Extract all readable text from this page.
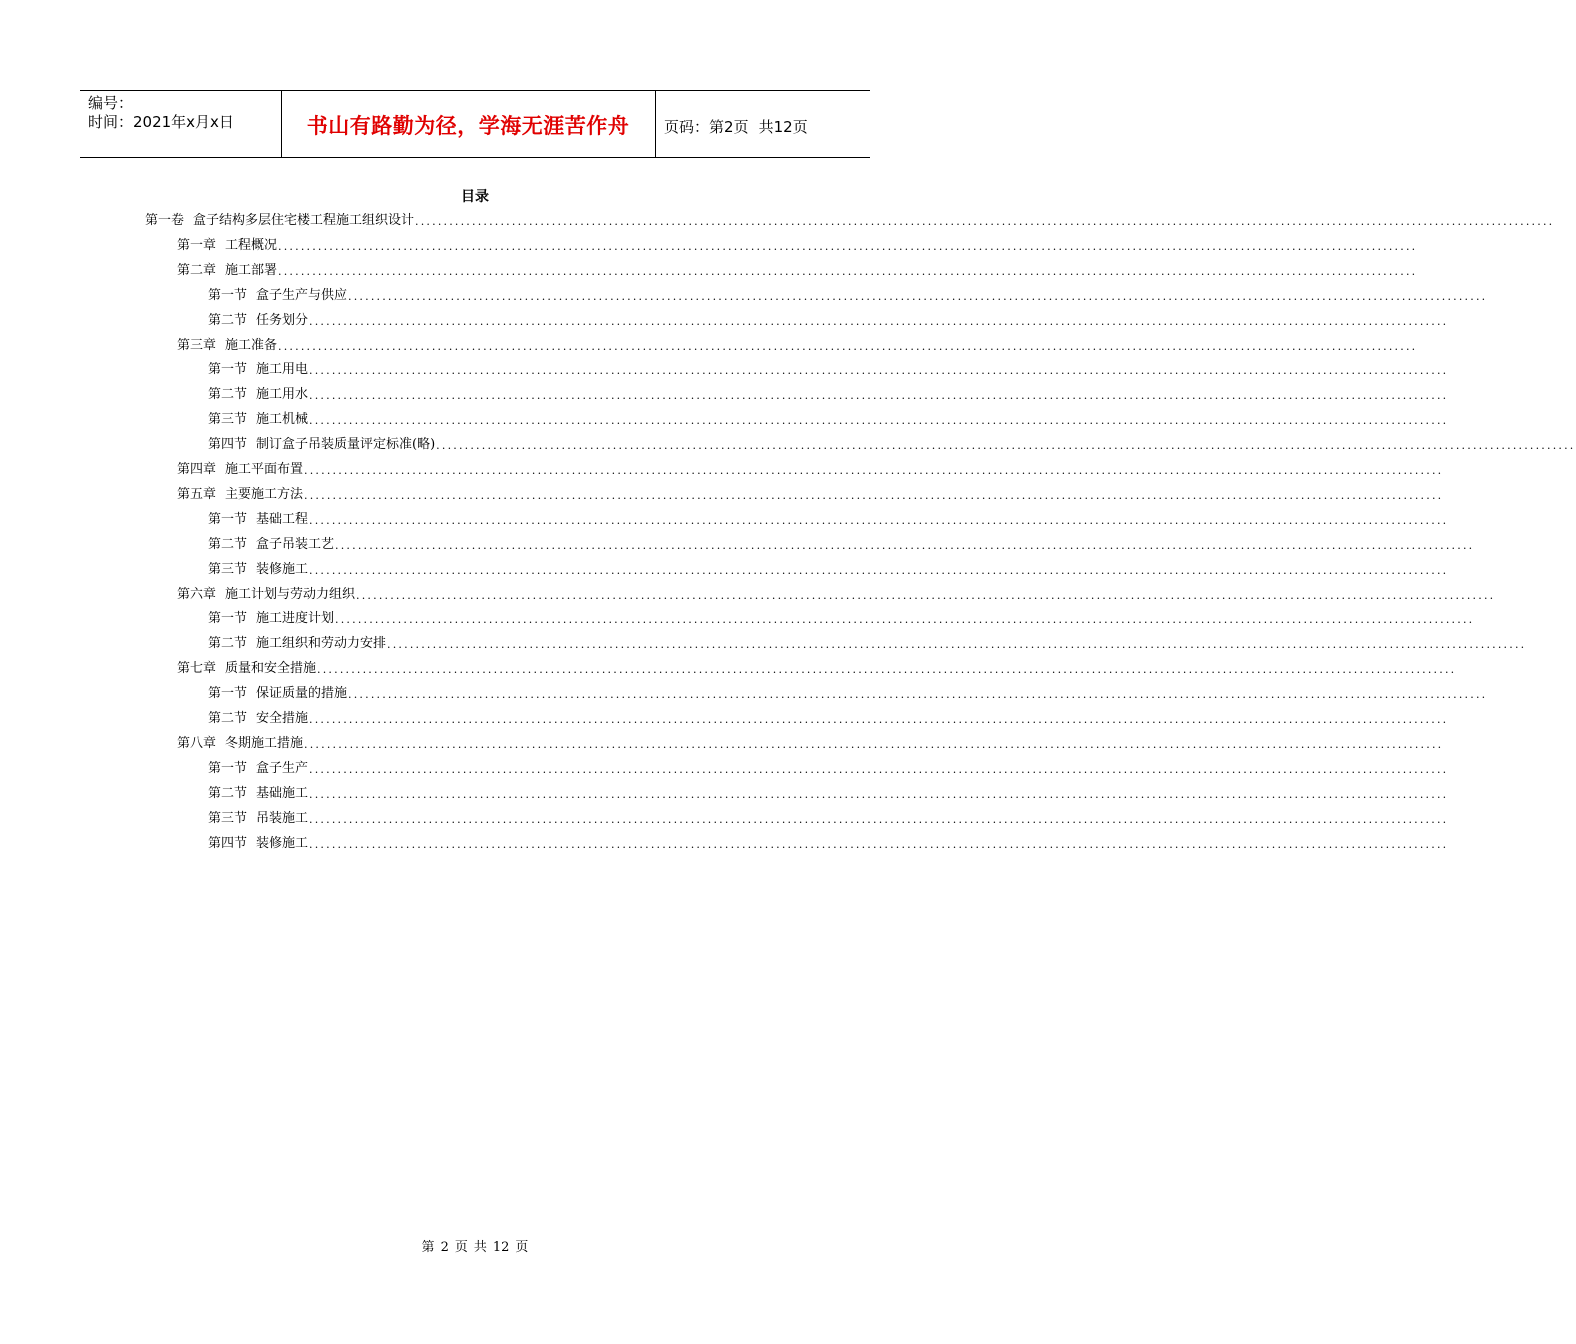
编号：
时间：2021年x月x日	书山有路勤为径，学海无涯苦作舟	页码：第2页 共12页
目录
第一卷 盒子结构多层住宅楼工程施工组织设计 ........................................................................................................................................................................................................
第一章 工程概况 ........................................................................................................................................................................................................
第二章 施工部署 ........................................................................................................................................................................................................
第一节 盒子生产与供应 ........................................................................................................................................................................................................
第二节 任务划分 ........................................................................................................................................................................................................
第三章 施工准备 ........................................................................................................................................................................................................
第一节 施工用电 ........................................................................................................................................................................................................
第二节 施工用水 ........................................................................................................................................................................................................
第三节 施工机械 ........................................................................................................................................................................................................
第四节 制订盒子吊装质量评定标准(略) ........................................................................................................................................................................................................
第四章 施工平面布置 ........................................................................................................................................................................................................
第五章 主要施工方法 ........................................................................................................................................................................................................
第一节 基础工程 ........................................................................................................................................................................................................
第二节 盒子吊装工艺 ........................................................................................................................................................................................................
第三节 装修施工 ........................................................................................................................................................................................................
第六章 施工计划与劳动力组织 ........................................................................................................................................................................................................
第一节 施工进度计划 ........................................................................................................................................................................................................
第二节 施工组织和劳动力安排 ........................................................................................................................................................................................................
第七章 质量和安全措施 ........................................................................................................................................................................................................
第一节 保证质量的措施 ........................................................................................................................................................................................................
第二节 安全措施 ........................................................................................................................................................................................................
第八章 冬期施工措施 ........................................................................................................................................................................................................
第一节 盒子生产 ........................................................................................................................................................................................................
第二节 基础施工 ........................................................................................................................................................................................................
第三节 吊装施工 ........................................................................................................................................................................................................
第四节 装修施工 ........................................................................................................................................................................................................
第 2 页 共 12 页
